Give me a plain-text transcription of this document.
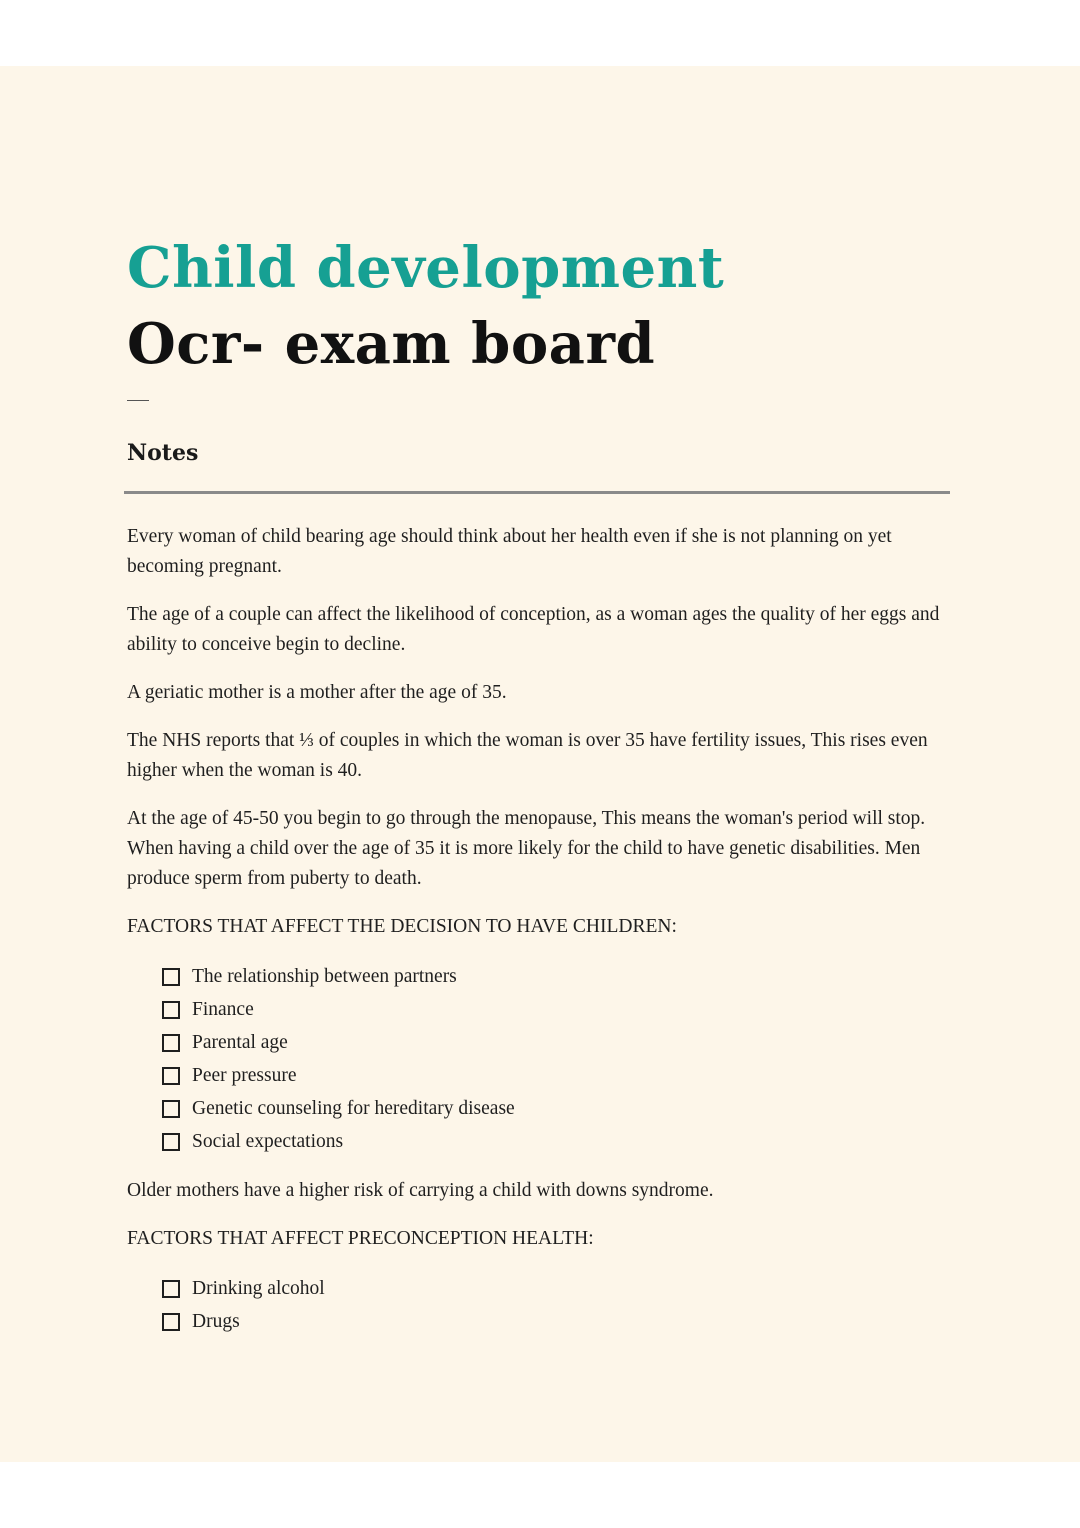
Child development
Ocr- exam board
Notes

Every woman of child bearing age should think about her health even if she is not planning on yet becoming pregnant.

The age of a couple can affect the likelihood of conception, as a woman ages the quality of her eggs and ability to conceive begin to decline.

A geriatic mother is a mother after the age of 35.

The NHS reports that ⅓ of couples in which the woman is over 35 have fertility issues, This rises even higher when the woman is 40.

At the age of 45-50 you begin to go through the menopause, This means the woman's period will stop. When having a child over the age of 35 it is more likely for the child to have genetic disabilities. Men produce sperm from puberty to death.

FACTORS THAT AFFECT THE DECISION TO HAVE CHILDREN:

The relationship between partners
Finance
Parental age
Peer pressure
Genetic counseling for hereditary disease
Social expectations

Older mothers have a higher risk of carrying a child with downs syndrome.

FACTORS THAT AFFECT PRECONCEPTION HEALTH:

Drinking alcohol
Drugs
